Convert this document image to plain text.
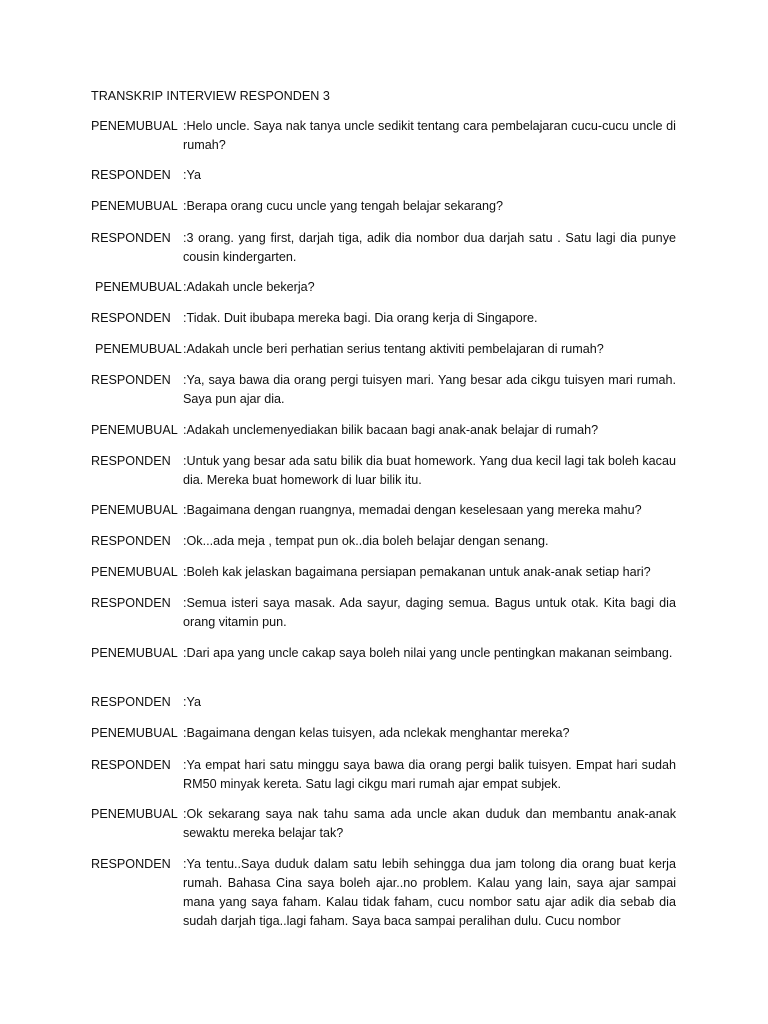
TRANSKRIP INTERVIEW RESPONDEN 3
PENEMUBUAL :Helo uncle. Saya nak tanya uncle sedikit tentang cara pembelajaran cucu-cucu uncle di rumah?
RESPONDEN :Ya
PENEMUBUAL :Berapa orang cucu uncle yang tengah belajar sekarang?
RESPONDEN :3 orang. yang first, darjah tiga, adik dia nombor dua darjah satu . Satu lagi dia punye cousin kindergarten.
PENEMUBUAL :Adakah uncle bekerja?
RESPONDEN :Tidak. Duit ibubapa mereka bagi. Dia orang kerja di Singapore.
PENEMUBUAL :Adakah uncle beri perhatian serius tentang aktiviti pembelajaran di rumah?
RESPONDEN :Ya, saya bawa dia orang pergi tuisyen mari. Yang besar ada cikgu tuisyen mari rumah. Saya pun ajar dia.
PENEMUBUAL :Adakah unclemenyediakan bilik bacaan bagi anak-anak belajar di rumah?
RESPONDEN :Untuk yang besar ada satu bilik dia buat homework. Yang dua kecil lagi tak boleh kacau dia. Mereka buat homework di luar bilik itu.
PENEMUBUAL :Bagaimana dengan ruangnya, memadai dengan keselesaan yang mereka mahu?
RESPONDEN :Ok...ada meja , tempat pun ok..dia boleh belajar dengan senang.
PENEMUBUAL :Boleh kak jelaskan bagaimana persiapan pemakanan untuk anak-anak setiap hari?
RESPONDEN :Semua isteri saya masak. Ada sayur, daging semua. Bagus untuk otak. Kita bagi dia orang vitamin pun.
PENEMUBUAL :Dari apa yang uncle cakap saya boleh nilai yang uncle pentingkan makanan seimbang.
RESPONDEN :Ya
PENEMUBUAL :Bagaimana dengan kelas tuisyen, ada nclekak menghantar mereka?
RESPONDEN :Ya empat hari satu minggu saya bawa dia orang pergi balik tuisyen. Empat hari sudah RM50 minyak kereta. Satu lagi cikgu mari rumah ajar empat subjek.
PENEMUBUAL :Ok sekarang saya nak tahu sama ada uncle akan duduk dan membantu anak-anak sewaktu mereka belajar tak?
RESPONDEN :Ya tentu..Saya duduk dalam satu lebih sehingga dua jam tolong dia orang buat kerja rumah. Bahasa Cina saya boleh ajar..no problem. Kalau yang lain, saya ajar sampai mana yang saya faham. Kalau tidak faham, cucu nombor satu ajar adik dia sebab dia sudah darjah tiga..lagi faham. Saya baca sampai peralihan dulu. Cucu nombor
